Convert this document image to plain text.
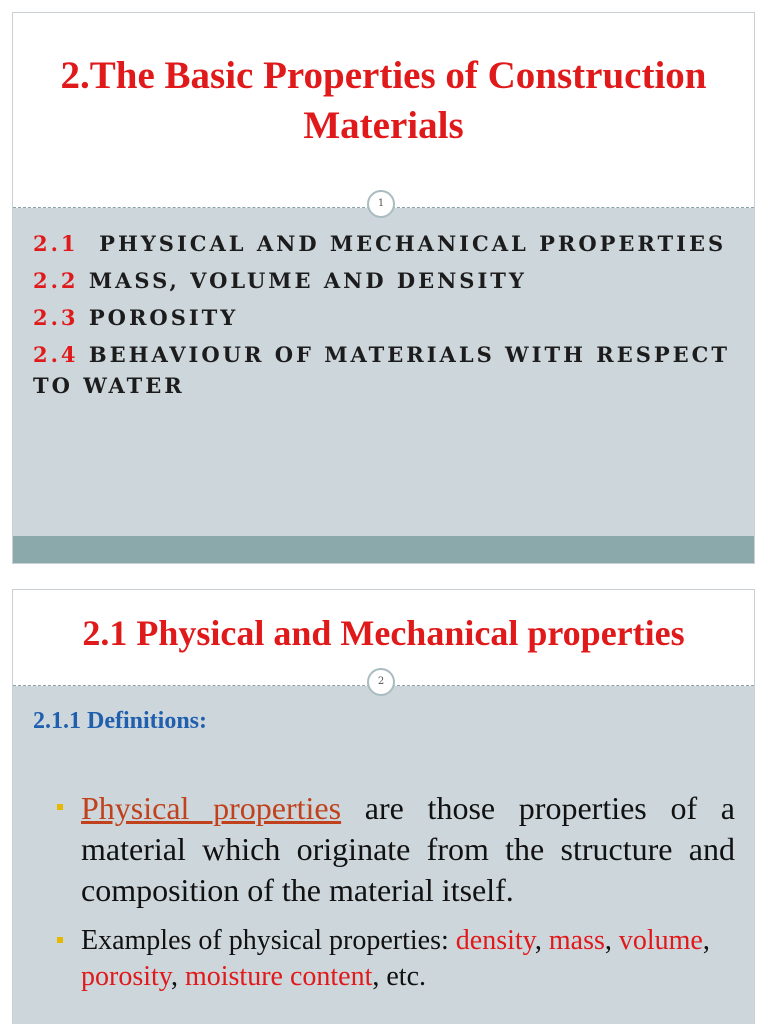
2.The Basic Properties of Construction Materials
2.1 PHYSICAL AND MECHANICAL PROPERTIES
2.2 MASS, VOLUME AND DENSITY
2.3 POROSITY
2.4 BEHAVIOUR OF MATERIALS WITH RESPECT TO WATER
1
2.1 Physical and Mechanical properties
2.1.1 Definitions:
Physical properties are those properties of a material which originate from the structure and composition of the material itself.
Examples of physical properties: density, mass, volume, porosity, moisture content, etc.
2
